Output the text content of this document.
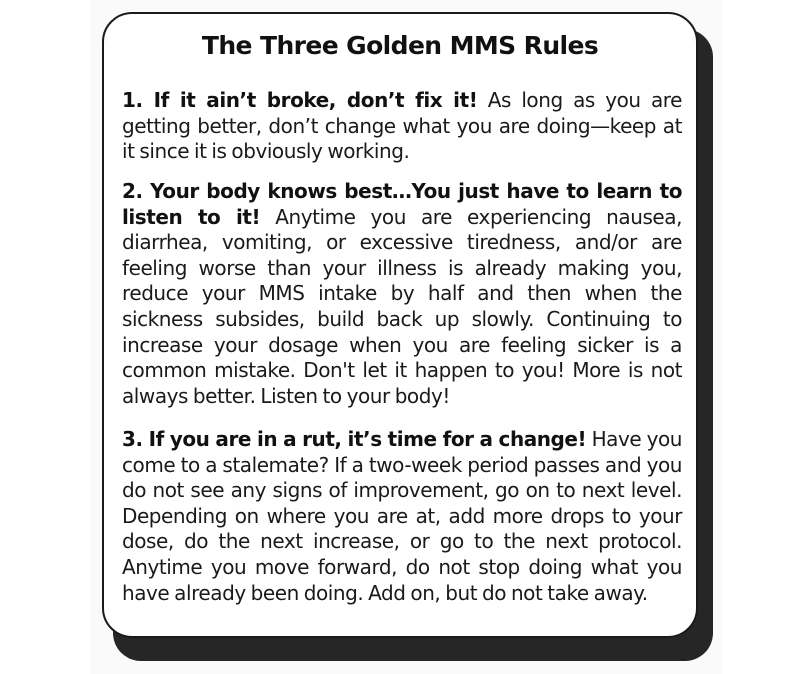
The Three Golden MMS Rules

1. If it ain’t broke, don’t fix it! As long as you are getting better, don’t change what you are doing—keep at it since it is obviously working.

2. Your body knows best…You just have to learn to listen to it! Anytime you are experiencing nausea, diarrhea, vomiting, or excessive tiredness, and/or are feeling worse than your illness is already making you, reduce your MMS intake by half and then when the sickness subsides, build back up slowly. Continuing to increase your dosage when you are feeling sicker is a common mistake. Don't let it happen to you! More is not always better. Listen to your body!

3. If you are in a rut, it’s time for a change! Have you come to a stalemate? If a two-week period passes and you do not see any signs of improvement, go on to next level. Depending on where you are at, add more drops to your dose, do the next increase, or go to the next protocol. Anytime you move forward, do not stop doing what you have already been doing. Add on, but do not take away.
